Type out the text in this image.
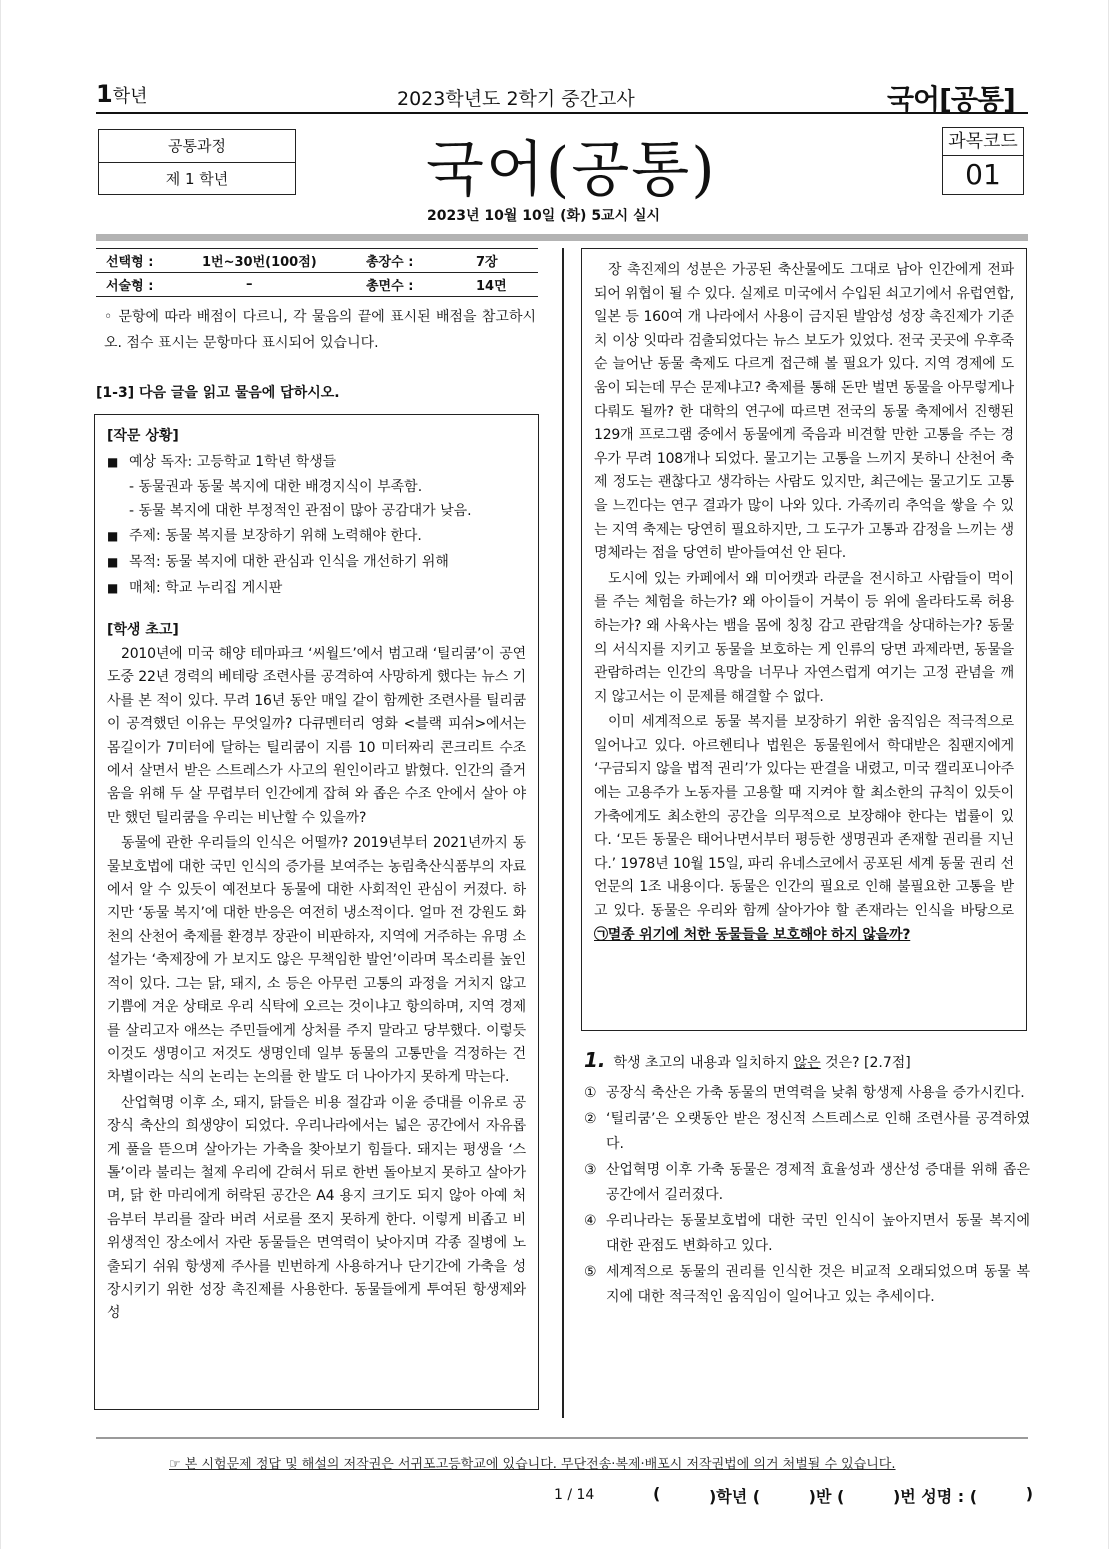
1학년	2023학년도 2학기 중간고사	국어[공통]
공통과정
제 1 학년	국어(공통)
2023년 10월 10일 (화) 5교시 실시
과목코드
01
선택형 :	1번~30번(100점)	총장수 :	7장
서술형 :	–	총면수 :	14면
◦ 문항에 따라 배점이 다르니, 각 물음의 끝에 표시된 배점을 참고하시오. 점수 표시는 문항마다 표시되어 있습니다.
[1-3] 다음 글을 읽고 물음에 답하시오.
[작문 상황]
■ 예상 독자: 고등학교 1학년 학생들
- 동물권과 동물 복지에 대한 배경지식이 부족함.
- 동물 복지에 대한 부정적인 관점이 많아 공감대가 낮음.
■ 주제: 동물 복지를 보장하기 위해 노력해야 한다.
■ 목적: 동물 복지에 대한 관심과 인식을 개선하기 위해
■ 매체: 학교 누리집 게시판
[학생 초고]

2010년에 미국 해양 테마파크 ‘씨월드’에서 범고래 ‘틸리쿰’이 공연 도중 22년 경력의 베테랑 조련사를 공격하여 사망하게 했다는 뉴스 기사를 본 적이 있다. 무려 16년 동안 매일 같이 함께한 조련사를 틸리쿰이 공격했던 이유는 무엇일까? 다큐멘터리 영화 <블랙 피쉬>에서는 몸길이가 7미터에 달하는 틸리쿰이 지름 10 미터짜리 콘크리트 수조에서 살면서 받은 스트레스가 사고의 원인이라고 밝혔다. 인간의 즐거움을 위해 두 살 무렵부터 인간에게 잡혀 와 좁은 수조 안에서 살아 야만 했던 틸리쿰을 우리는 비난할 수 있을까?

동물에 관한 우리들의 인식은 어떨까? 2019년부터 2021년까지 동물보호법에 대한 국민 인식의 증가를 보여주는 농림축산식품부의 자료에서 알 수 있듯이 예전보다 동물에 대한 사회적인 관심이 커졌다. 하지만 ‘동물 복지’에 대한 반응은 여전히 냉소적이다. 얼마 전 강원도 화천의 산천어 축제를 환경부 장관이 비판하자, 지역에 거주하는 유명 소설가는 ‘축제장에 가 보지도 않은 무책임한 발언’이라며 목소리를 높인 적이 있다. 그는 닭, 돼지, 소 등은 아무런 고통의 과정을 거치지 않고 기쁨에 겨운 상태로 우리 식탁에 오르는 것이냐고 항의하며, 지역 경제를 살리고자 애쓰는 주민들에게 상처를 주지 말라고 당부했다. 이렇듯 이것도 생명이고 저것도 생명인데 일부 동물의 고통만을 걱정하는 건 차별이라는 식의 논리는 논의를 한 발도 더 나아가지 못하게 막는다.

산업혁명 이후 소, 돼지, 닭들은 비용 절감과 이윤 증대를 이유로 공장식 축산의 희생양이 되었다. 우리나라에서는 넓은 공간에서 자유롭게 풀을 뜯으며 살아가는 가축을 찾아보기 힘들다. 돼지는 평생을 ‘스톨’이라 불리는 철제 우리에 갇혀서 뒤로 한번 돌아보지 못하고 살아가며, 닭 한 마리에게 허락된 공간은 A4 용지 크기도 되지 않아 아예 처음부터 부리를 잘라 버려 서로를 쪼지 못하게 한다. 이렇게 비좁고 비위생적인 장소에서 자란 동물들은 면역력이 낮아지며 각종 질병에 노출되기 쉬워 항생제 주사를 빈번하게 사용하거나 단기간에 가축을 성장시키기 위한 성장 촉진제를 사용한다. 동물들에게 투여된 항생제와 성

장 촉진제의 성분은 가공된 축산물에도 그대로 남아 인간에게 전파되어 위협이 될 수 있다. 실제로 미국에서 수입된 쇠고기에서 유럽연합, 일본 등 160여 개 나라에서 사용이 금지된 발암성 성장 촉진제가 기준치 이상 잇따라 검출되었다는 뉴스 보도가 있었다. 전국 곳곳에 우후죽순 늘어난 동물 축제도 다르게 접근해 볼 필요가 있다. 지역 경제에 도움이 되는데 무슨 문제냐고? 축제를 통해 돈만 벌면 동물을 아무렇게나 다뤄도 될까? 한 대학의 연구에 따르면 전국의 동물 축제에서 진행된 129개 프로그램 중에서 동물에게 죽음과 비견할 만한 고통을 주는 경우가 무려 108개나 되었다. 물고기는 고통을 느끼지 못하니 산천어 축제 정도는 괜찮다고 생각하는 사람도 있지만, 최근에는 물고기도 고통을 느낀다는 연구 결과가 많이 나와 있다. 가족끼리 추억을 쌓을 수 있는 지역 축제는 당연히 필요하지만, 그 도구가 고통과 감정을 느끼는 생명체라는 점을 당연히 받아들여선 안 된다.

도시에 있는 카페에서 왜 미어캣과 라쿤을 전시하고 사람들이 먹이를 주는 체험을 하는가? 왜 아이들이 거북이 등 위에 올라타도록 허용하는가? 왜 사육사는 뱀을 몸에 칭칭 감고 관람객을 상대하는가? 동물의 서식지를 지키고 동물을 보호하는 게 인류의 당면 과제라면, 동물을 관람하려는 인간의 욕망을 너무나 자연스럽게 여기는 고정 관념을 깨지 않고서는 이 문제를 해결할 수 없다.

이미 세계적으로 동물 복지를 보장하기 위한 움직임은 적극적으로 일어나고 있다. 아르헨티나 법원은 동물원에서 학대받은 침팬지에게 ‘구금되지 않을 법적 권리’가 있다는 판결을 내렸고, 미국 캘리포니아주에는 고용주가 노동자를 고용할 때 지켜야 할 최소한의 규칙이 있듯이 가축에게도 최소한의 공간을 의무적으로 보장해야 한다는 법률이 있다. ‘모든 동물은 태어나면서부터 평등한 생명권과 존재할 권리를 지닌다.’ 1978년 10월 15일, 파리 유네스코에서 공포된 세계 동물 권리 선언문의 1조 내용이다. 동물은 인간의 필요로 인해 불필요한 고통을 받고 있다. 동물은 우리와 함께 살아가야 할 존재라는 인식을 바탕으로 ㉠멸종 위기에 처한 동물들을 보호해야 하지 않을까?

1. 학생 초고의 내용과 일치하지 않은 것은? [2.7점]
① 공장식 축산은 가축 동물의 면역력을 낮춰 항생제 사용을 증가시킨다.
② ‘틸리쿰’은 오랫동안 받은 정신적 스트레스로 인해 조련사를 공격하였다.
③ 산업혁명 이후 가축 동물은 경제적 효율성과 생산성 증대를 위해 좁은 공간에서 길러졌다.
④ 우리나라는 동물보호법에 대한 국민 인식이 높아지면서 동물 복지에 대한 관점도 변화하고 있다.
⑤ 세계적으로 동물의 권리를 인식한 것은 비교적 오래되었으며 동물 복지에 대한 적극적인 움직임이 일어나고 있는 추세이다.
☞ 본 시험문제 정답 및 해설의 저작권은 서귀포고등학교에 있습니다. 무단전송·복제·배포시 저작권법에 의거 처벌될 수 있습니다.
1 / 14	(	)학년 (	)반 (	)번 성명 : (	)
